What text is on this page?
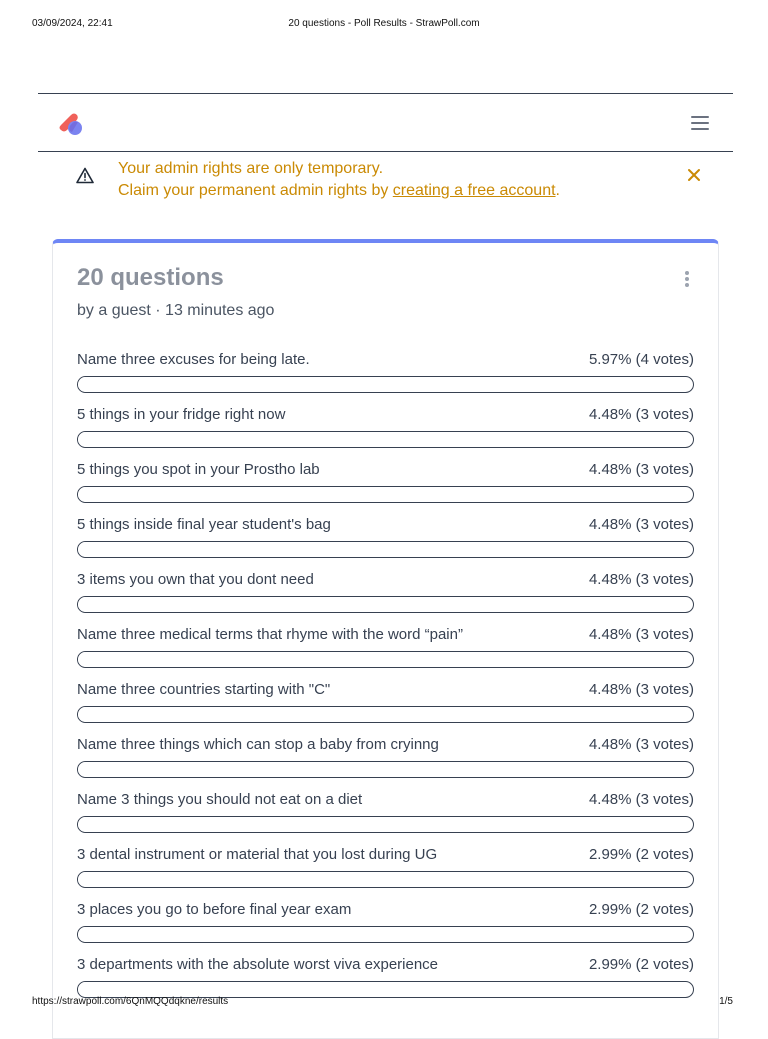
03/09/2024, 22:41	20 questions - Poll Results - StrawPoll.com
Your admin rights are only temporary.
Claim your permanent admin rights by creating a free account.
20 questions
by a guest · 13 minutes ago
Name three excuses for being late.	5.97% (4 votes)
5 things in your fridge right now	4.48% (3 votes)
5 things you spot in your Prostho lab	4.48% (3 votes)
5 things inside final year student's bag	4.48% (3 votes)
3 items you own that you dont need	4.48% (3 votes)
Name three medical terms that rhyme with the word “pain”	4.48% (3 votes)
Name three countries starting with "C"	4.48% (3 votes)
Name three things which can stop a baby from cryinng	4.48% (3 votes)
Name 3 things you should not eat on a diet	4.48% (3 votes)
3 dental instrument or material that you lost during UG	2.99% (2 votes)
3 places you go to before final year exam	2.99% (2 votes)
3 departments with the absolute worst viva experience	2.99% (2 votes)
https://strawpoll.com/6QnMQQdqkne/results	1/5
